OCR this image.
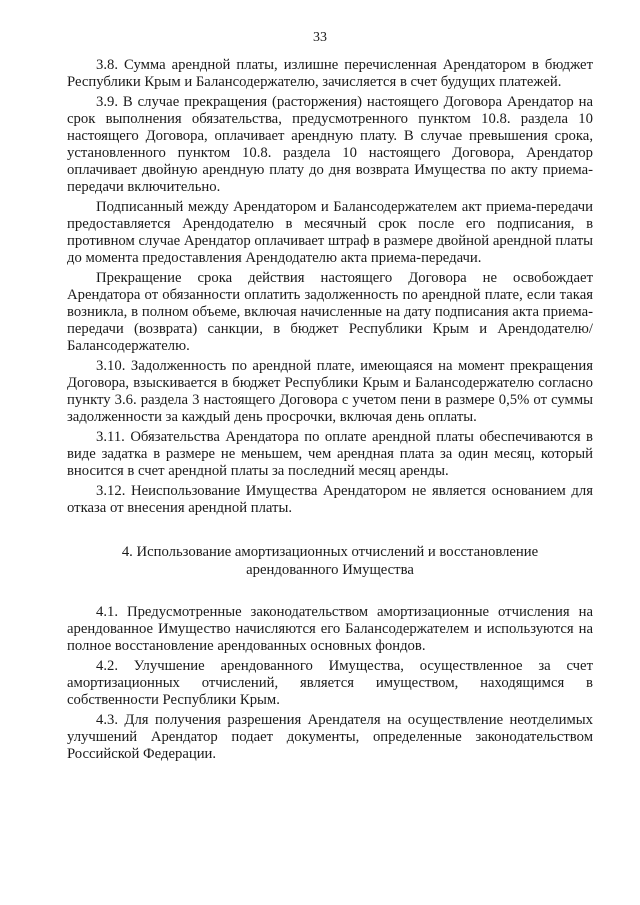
33

3.8. Сумма арендной платы, излишне перечисленная Арендатором в бюджет Республики Крым и Балансодержателю, зачисляется в счет будущих платежей.

3.9. В случае прекращения (расторжения) настоящего Договора Арендатор на срок выполнения обязательства, предусмотренного пунктом 10.8. раздела 10 настоящего Договора, оплачивает арендную плату. В случае превышения срока, установленного пунктом 10.8. раздела 10 настоящего Договора, Арендатор оплачивает двойную арендную плату до дня возврата Имущества по акту приема-передачи включительно.

Подписанный между Арендатором и Балансодержателем акт приема-передачи предоставляется Арендодателю в месячный срок после его подписания, в противном случае Арендатор оплачивает штраф в размере двойной арендной платы до момента предоставления Арендодателю акта приема-передачи.

Прекращение срока действия настоящего Договора не освобождает Арендатора от обязанности оплатить задолженность по арендной плате, если такая возникла, в полном объеме, включая начисленные на дату подписания акта приема-передачи (возврата) санкции, в бюджет Республики Крым и Арендодателю/Балансодержателю.

3.10. Задолженность по арендной плате, имеющаяся на момент прекращения Договора, взыскивается в бюджет Республики Крым и Балансодержателю согласно пункту 3.6. раздела 3 настоящего Договора с учетом пени в размере 0,5% от суммы задолженности за каждый день просрочки, включая день оплаты.

3.11. Обязательства Арендатора по оплате арендной платы обеспечиваются в виде задатка в размере не меньшем, чем арендная плата за один месяц, который вносится в счет арендной платы за последний месяц аренды.

3.12. Неиспользование Имущества Арендатором не является основанием для отказа от внесения арендной платы.

4. Использование амортизационных отчислений и восстановление
арендованного Имущества

4.1. Предусмотренные законодательством амортизационные отчисления на арендованное Имущество начисляются его Балансодержателем и используются на полное восстановление арендованных основных фондов.

4.2. Улучшение арендованного Имущества, осуществленное за счет амортизационных отчислений, является имуществом, находящимся в собственности Республики Крым.

4.3. Для получения разрешения Арендателя на осуществление неотделимых улучшений Арендатор подает документы, определенные законодательством Российской Федерации.
